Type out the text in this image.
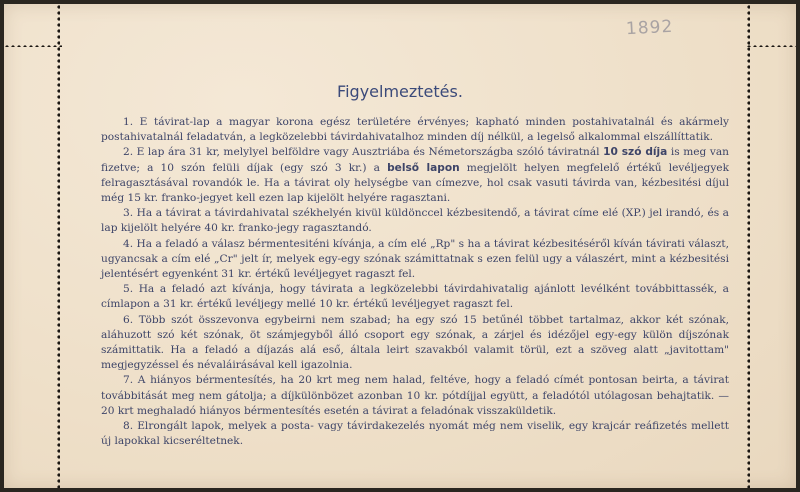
1892
Figyelmeztetés.

1. E távirat-lap a magyar korona egész területére érvényes; kapható minden postahivatalnál és akármely postahivatalnál feladatván, a legközelebbi távirdahivatalhoz minden díj nélkül, a legelső alkalommal elszállíttatik.

2. E lap ára 31 kr, melylyel belföldre vagy Ausztriába és Németországba szóló táviratnál 10 szó díja is meg van fizetve; a 10 szón felüli díjak (egy szó 3 kr.) a belső lapon megjelölt helyen megfelelő értékű levéljegyek felragasztásával rovandók le. Ha a távirat oly helységbe van címezve, hol csak vasuti távirda van, kézbesitési díjul még 15 kr. franko-jegyet kell ezen lap kijelölt helyére ragasztani.

3. Ha a távirat a távirdahivatal székhelyén kivül küldönccel kézbesitendő, a távirat címe elé (XP.) jel irandó, és a lap kijelölt helyére 40 kr. franko-jegy ragasztandó.

4. Ha a feladó a válasz bérmentesiténi kívánja, a cím elé „Rp" s ha a távirat kézbesitéséről kíván távirati választ, ugyancsak a cím elé „Cr" jelt ír, melyek egy-egy szónak számittatnak s ezen felül ugy a válaszért, mint a kézbesitési jelentésért egyenként 31 kr. értékű levéljegyet ragaszt fel.

5. Ha a feladó azt kívánja, hogy távirata a legközelebbi távirdahivatalig ajánlott levélként továbbittassék, a címlapon a 31 kr. értékű levéljegy mellé 10 kr. értékű levéljegyet ragaszt fel.

6. Több szót összevonva egybeirni nem szabad; ha egy szó 15 betűnél többet tartalmaz, akkor két szónak, aláhuzott szó két szónak, öt számjegyből álló csoport egy szónak, a zárjel és idézőjel egy-egy külön díjszónak számittatik. Ha a feladó a díjazás alá eső, általa leirt szavakból valamit törül, ezt a szöveg alatt „javitottam" megjegyzéssel és névaláirásával kell igazolnia.

7. A hiányos bérmentesítés, ha 20 krt meg nem halad, feltéve, hogy a feladó címét pontosan beirta, a távirat továbbitását meg nem gátolja; a díjkülönbözet azonban 10 kr. pótdíjjal együtt, a feladótól utólagosan behajtatik. — 20 krt meghaladó hiányos bérmentesítés esetén a távirat a feladónak visszaküldetik.

8. Elrongált lapok, melyek a posta- vagy távirdakezelés nyomát még nem viselik, egy krajcár reáfizetés mellett új lapokkal kicseréltetnek.
